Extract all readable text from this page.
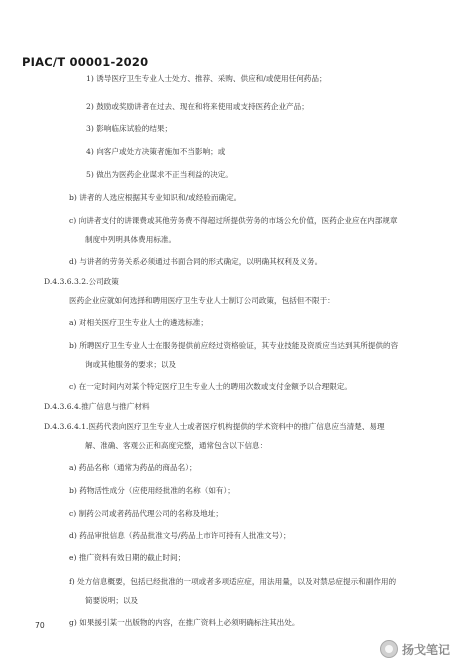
PIAC/T 00001-2020
1) 诱导医疗卫生专业人士处方、推荐、采购、供应和/或使用任何药品；
2) 鼓励或奖励讲者在过去、现在和将来使用或支持医药企业产品；
3) 影响临床试验的结果；
4) 向客户或处方决策者施加不当影响；或
5) 做出为医药企业谋求不正当利益的决定。
b) 讲者的人选应根据其专业知识和/或经验而确定。
c) 向讲者支付的讲课费或其他劳务费不得超过所提供劳务的市场公允价值，医药企业应在内部规章
制度中列明具体费用标准。
d) 与讲者的劳务关系必须通过书面合同的形式确定，以明确其权利及义务。
D.4.3.6.3.2.公司政策
医药企业应就如何选择和聘用医疗卫生专业人士制订公司政策，包括但不限于：
a) 对相关医疗卫生专业人士的遴选标准；
b) 所聘医疗卫生专业人士在服务提供前应经过资格验证，其专业技能及资质应当达到其所提供的咨
询或其他服务的要求；以及
c) 在一定时间内对某个特定医疗卫生专业人士的聘用次数或支付金额予以合理限定。
D.4.3.6.4.推广信息与推广材料
D.4.3.6.4.1.医药代表向医疗卫生专业人士或者医疗机构提供的学术资料中的推广信息应当清楚、易理
解、准确、客观公正和高度完整，通常包含以下信息：
a) 药品名称（通常为药品的商品名）；
b) 药物活性成分（应使用经批准的名称（如有）；
c) 制药公司或者药品代理公司的名称及地址；
d) 药品审批信息（药品批准文号/药品上市许可持有人批准文号）；
e) 推广资料有效日期的截止时间；
f) 处方信息概要，包括已经批准的一项或者多项适应症，用法用量，以及对禁忌症提示和副作用的
简要说明；以及
g) 如果援引某一出版物的内容，在推广资料上必须明确标注其出处。
70
扬戈笔记
